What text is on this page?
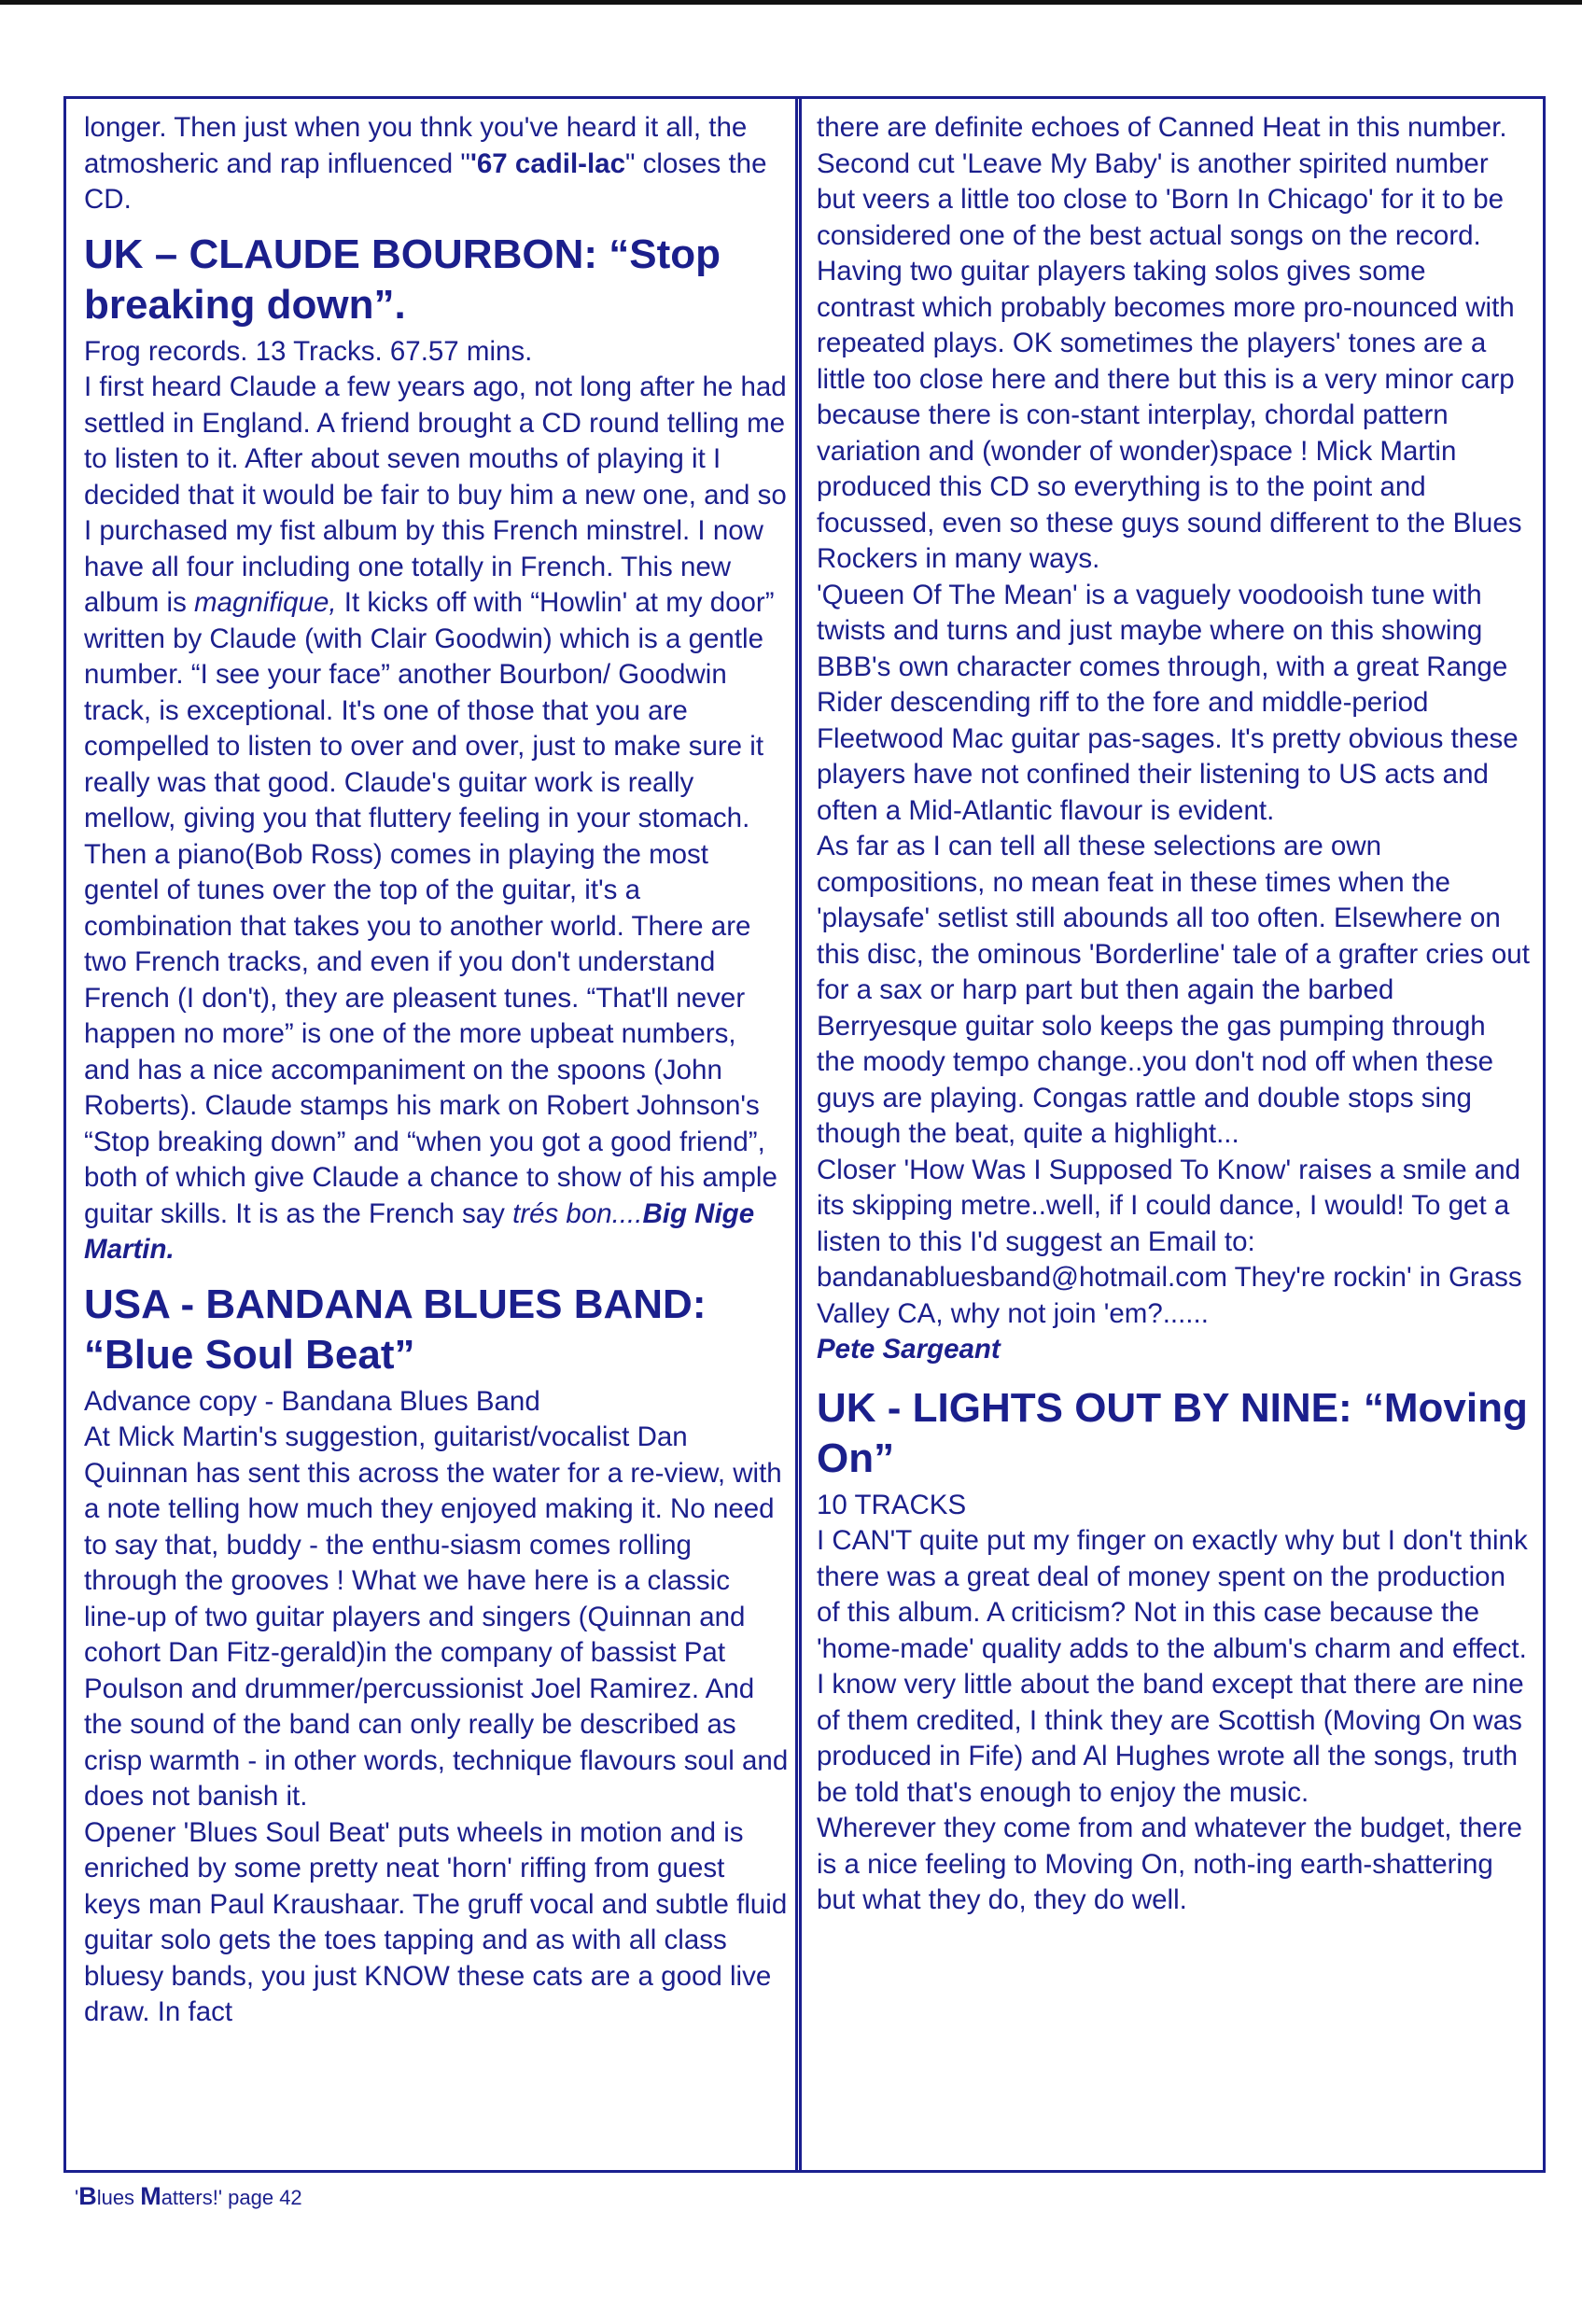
longer. Then just when you thnk you've heard it all, the atmosheric and rap influenced "'67 cadil-lac" closes the CD.

UK – CLAUDE BOURBON: “Stop breaking down”.

Frog records. 13 Tracks. 67.57 mins.

I first heard Claude a few years ago, not long after he had settled in England. A friend brought a CD round telling me to listen to it. After about seven mouths of playing it I decided that it would be fair to buy him a new one, and so I purchased my fist album by this French minstrel. I now have all four including one totally in French. This new album is magnifique, It kicks off with “Howlin' at my door” written by Claude (with Clair Goodwin) which is a gentle number. “I see your face” another Bourbon/ Goodwin track, is exceptional. It's one of those that you are compelled to listen to over and over, just to make sure it really was that good. Claude's guitar work is really mellow, giving you that fluttery feeling in your stomach. Then a piano(Bob Ross) comes in playing the most gentel of tunes over the top of the guitar, it's a combination that takes you to another world. There are two French tracks, and even if you don't understand French (I don't), they are pleasent tunes. “That'll never happen no more” is one of the more upbeat numbers, and has a nice accompaniment on the spoons (John Roberts). Claude stamps his mark on Robert Johnson's “Stop breaking down” and “when you got a good friend”, both of which give Claude a chance to show of his ample guitar skills. It is as the French say trés bon....Big Nige Martin.

USA - BANDANA BLUES BAND: “Blue Soul Beat”

Advance copy - Bandana Blues Band

At Mick Martin's suggestion, guitarist/vocalist Dan Quinnan has sent this across the water for a re-view, with a note telling how much they enjoyed making it. No need to say that, buddy - the enthu-siasm comes rolling through the grooves ! What we have here is a classic line-up of two guitar players and singers (Quinnan and cohort Dan Fitz-gerald)in the company of bassist Pat Poulson and drummer/percussionist Joel Ramirez. And the sound of the band can only really be described as crisp warmth - in other words, technique flavours soul and does not banish it.

Opener 'Blues Soul Beat' puts wheels in motion and is enriched by some pretty neat 'horn' riffing from guest keys man Paul Kraushaar. The gruff vocal and subtle fluid guitar solo gets the toes tapping and as with all class bluesy bands, you just KNOW these cats are a good live draw. In fact

there are definite echoes of Canned Heat in this number. Second cut 'Leave My Baby' is another spirited number but veers a little too close to 'Born In Chicago' for it to be considered one of the best actual songs on the record.

Having two guitar players taking solos gives some contrast which probably becomes more pro-nounced with repeated plays. OK sometimes the players' tones are a little too close here and there but this is a very minor carp because there is con-stant interplay, chordal pattern variation and (wonder of wonder)space ! Mick Martin produced this CD so everything is to the point and focussed, even so these guys sound different to the Blues Rockers in many ways.

'Queen Of The Mean' is a vaguely voodooish tune with twists and turns and just maybe where on this showing BBB's own character comes through, with a great Range Rider descending riff to the fore and middle-period Fleetwood Mac guitar pas-sages. It's pretty obvious these players have not confined their listening to US acts and often a Mid-Atlantic flavour is evident.

As far as I can tell all these selections are own compositions, no mean feat in these times when the 'playsafe' setlist still abounds all too often. Elsewhere on this disc, the ominous 'Borderline' tale of a grafter cries out for a sax or harp part but then again the barbed Berryesque guitar solo keeps the gas pumping through the moody tempo change..you don't nod off when these guys are playing. Congas rattle and double stops sing though the beat, quite a highlight...

Closer 'How Was I Supposed To Know' raises a smile and its skipping metre..well, if I could dance, I would! To get a listen to this I'd suggest an Email to: bandanabluesband@hotmail.com They're rockin' in Grass Valley CA, why not join 'em?......

Pete Sargeant

UK - LIGHTS OUT BY NINE: “Moving On”

10 TRACKS

I CAN'T quite put my finger on exactly why but I don't think there was a great deal of money spent on the production of this album. A criticism? Not in this case because the 'home-made' quality adds to the album's charm and effect.

I know very little about the band except that there are nine of them credited, I think they are Scottish (Moving On was produced in Fife) and Al Hughes wrote all the songs, truth be told that's enough to enjoy the music.

Wherever they come from and whatever the budget, there is a nice feeling to Moving On, noth-ing earth-shattering but what they do, they do well.

'Blues Matters!' page 42
